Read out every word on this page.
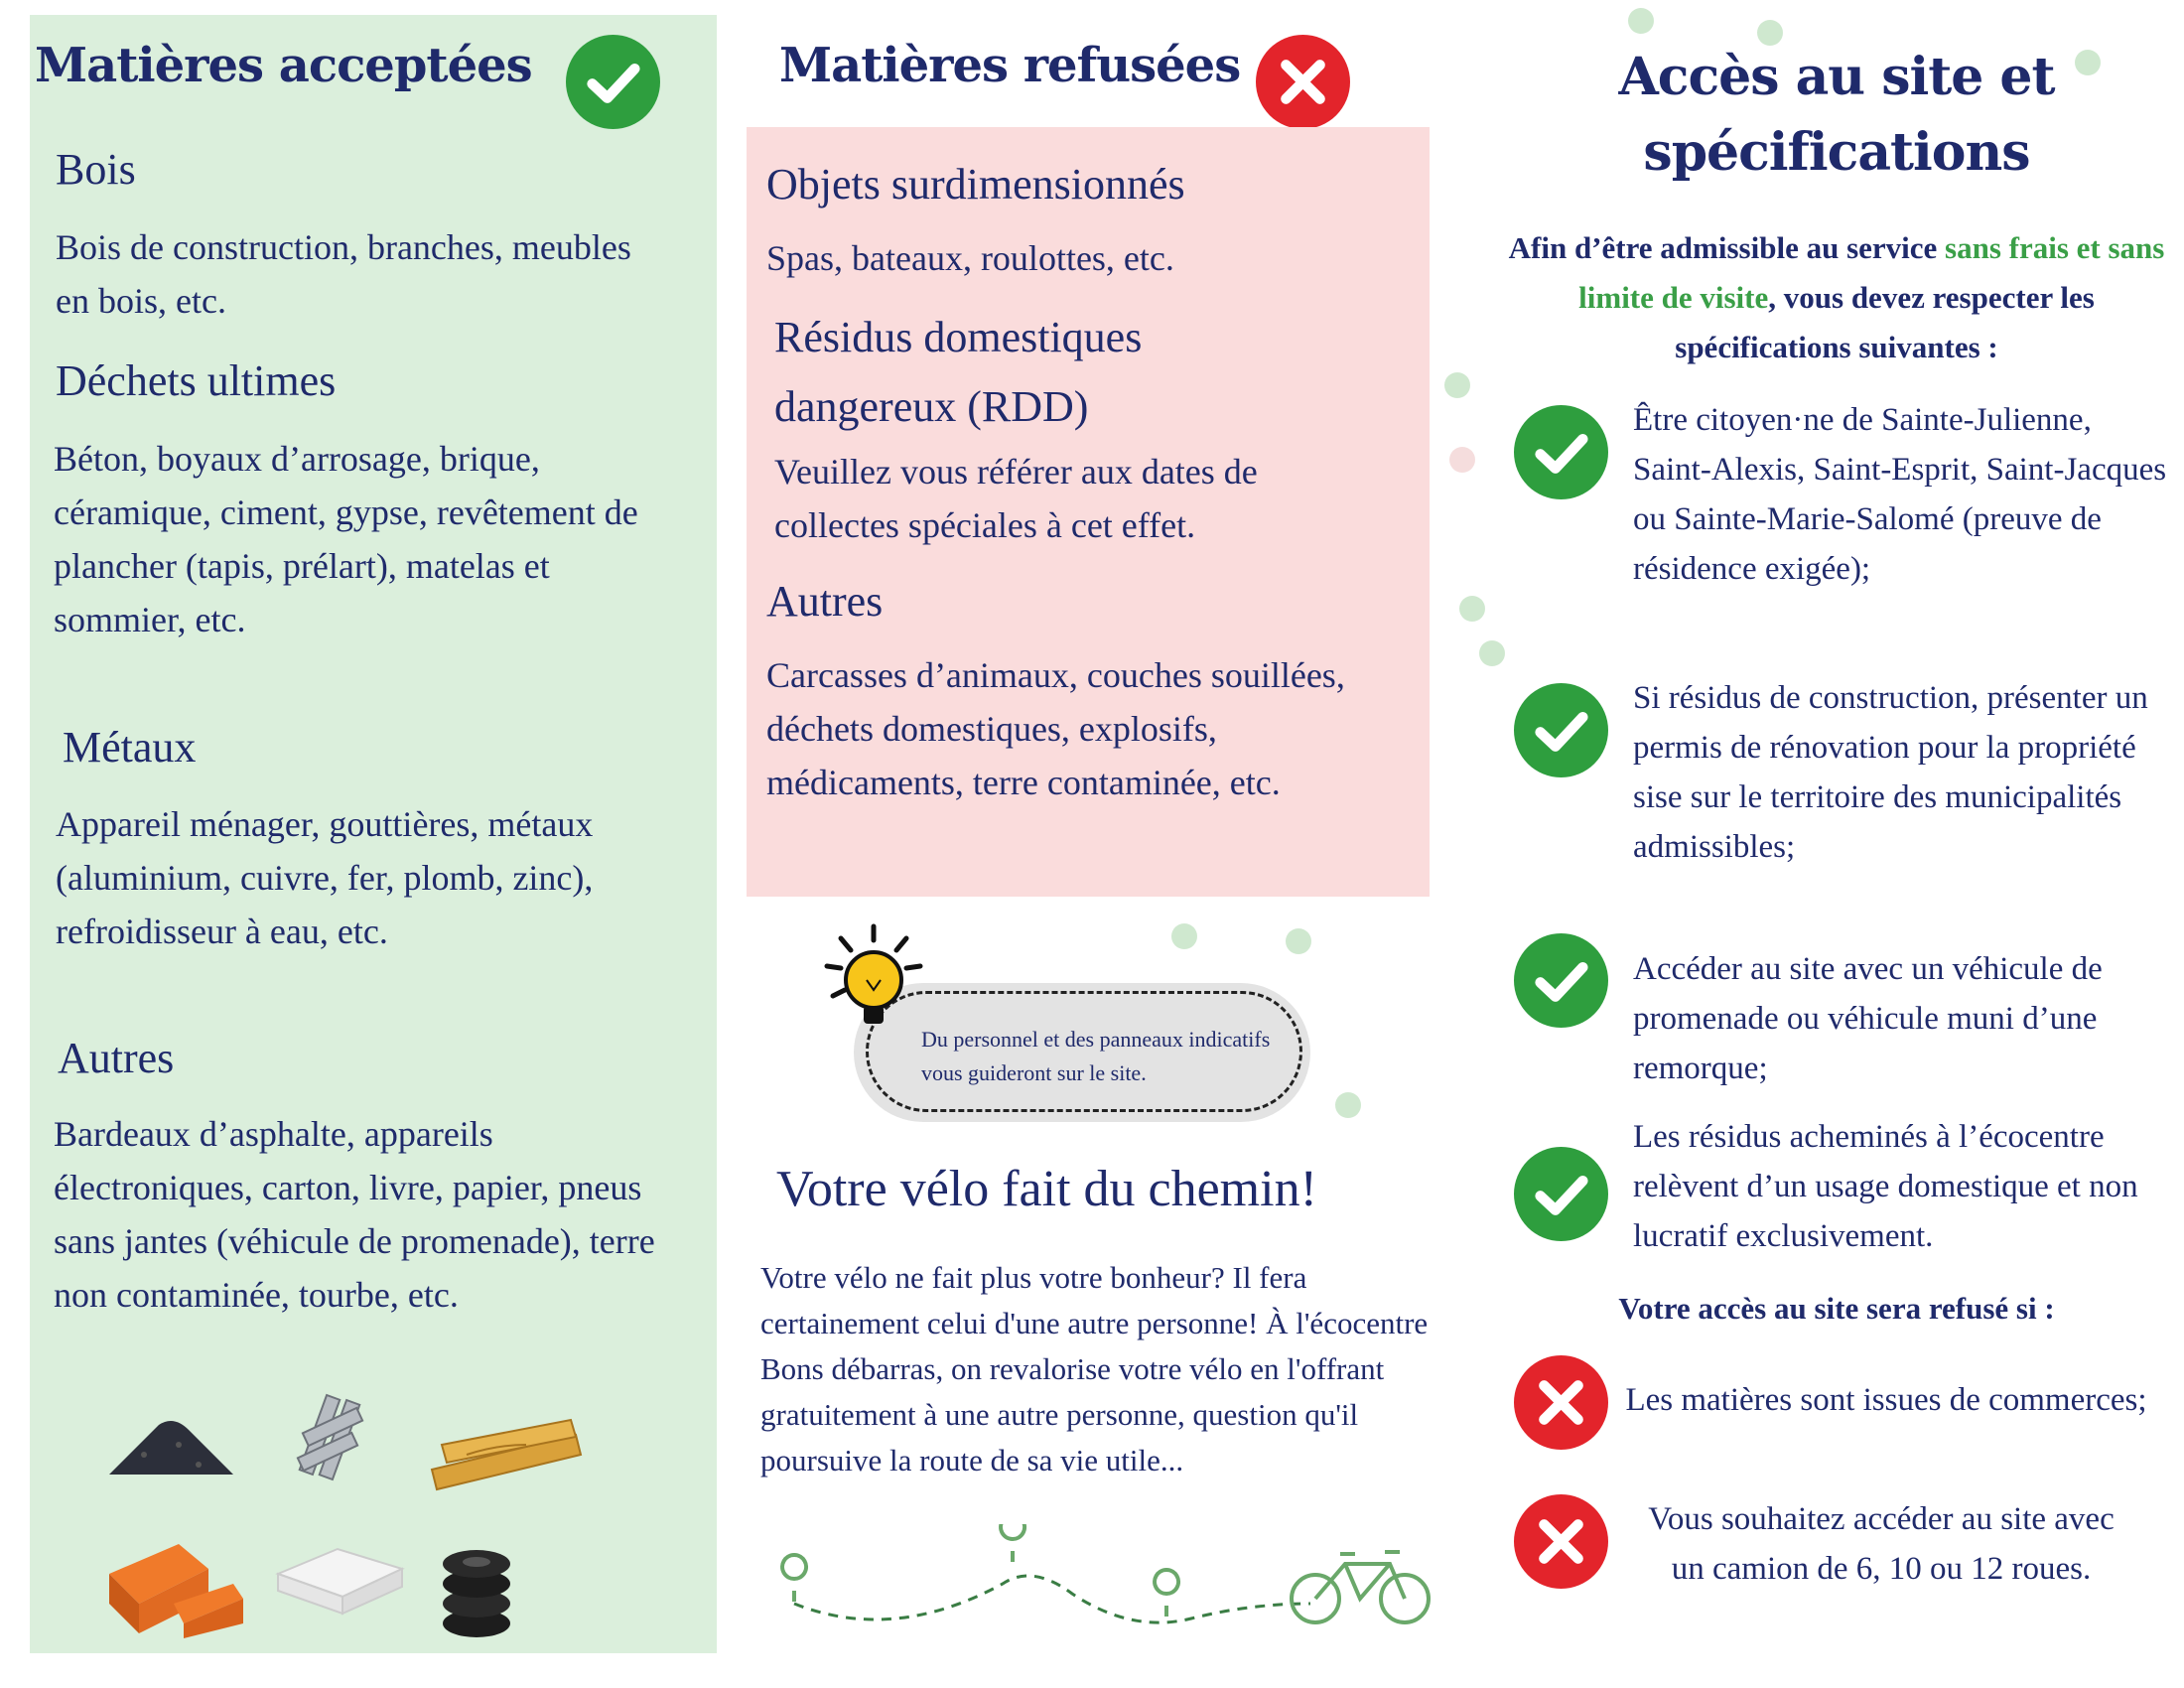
Matières acceptées
Bois
Bois de construction, branches, meubles en bois, etc.
Déchets ultimes
Béton, boyaux d’arrosage, brique, céramique, ciment, gypse, revêtement de plancher (tapis, prélart), matelas et sommier, etc.
Métaux
Appareil ménager, gouttières, métaux (aluminium, cuivre, fer, plomb, zinc), refroidisseur à eau, etc.
Autres
Bardeaux d’asphalte, appareils électroniques, carton, livre, papier, pneus sans jantes (véhicule de promenade), terre non contaminée, tourbe, etc.
Matières refusées
Objets surdimensionnés
Spas, bateaux, roulottes, etc.
Résidus domestiques dangereux (RDD)
Veuillez vous référer aux dates de collectes spéciales à cet effet.
Autres
Carcasses d’animaux, couches souillées, déchets domestiques, explosifs, médicaments, terre contaminée, etc.
Du personnel et des panneaux indicatifs vous guideront sur le site.
Votre vélo fait du chemin!
Votre vélo ne fait plus votre bonheur? Il fera certainement celui d'une autre personne! À l'écocentre Bons débarras, on revalorise votre vélo en l'offrant gratuitement à une autre personne, question qu'il poursuive la route de sa vie utile...
Accès au site et
spécifications
Afin d’être admissible au service sans frais et sans limite de visite, vous devez respecter les spécifications suivantes :
Être citoyen·ne de Sainte-Julienne, Saint-Alexis, Saint-Esprit, Saint-Jacques ou Sainte-Marie-Salomé (preuve de résidence exigée);
Si résidus de construction, présenter un permis de rénovation pour la propriété sise sur le territoire des municipalités admissibles;
Accéder au site avec un véhicule de promenade ou véhicule muni d’une remorque;
Les résidus acheminés à l’écocentre relèvent d’un usage domestique et non lucratif exclusivement.
Votre accès au site sera refusé si :
Les matières sont issues de commerces;
Vous souhaitez accéder au site avec un camion de 6, 10 ou 12 roues.
